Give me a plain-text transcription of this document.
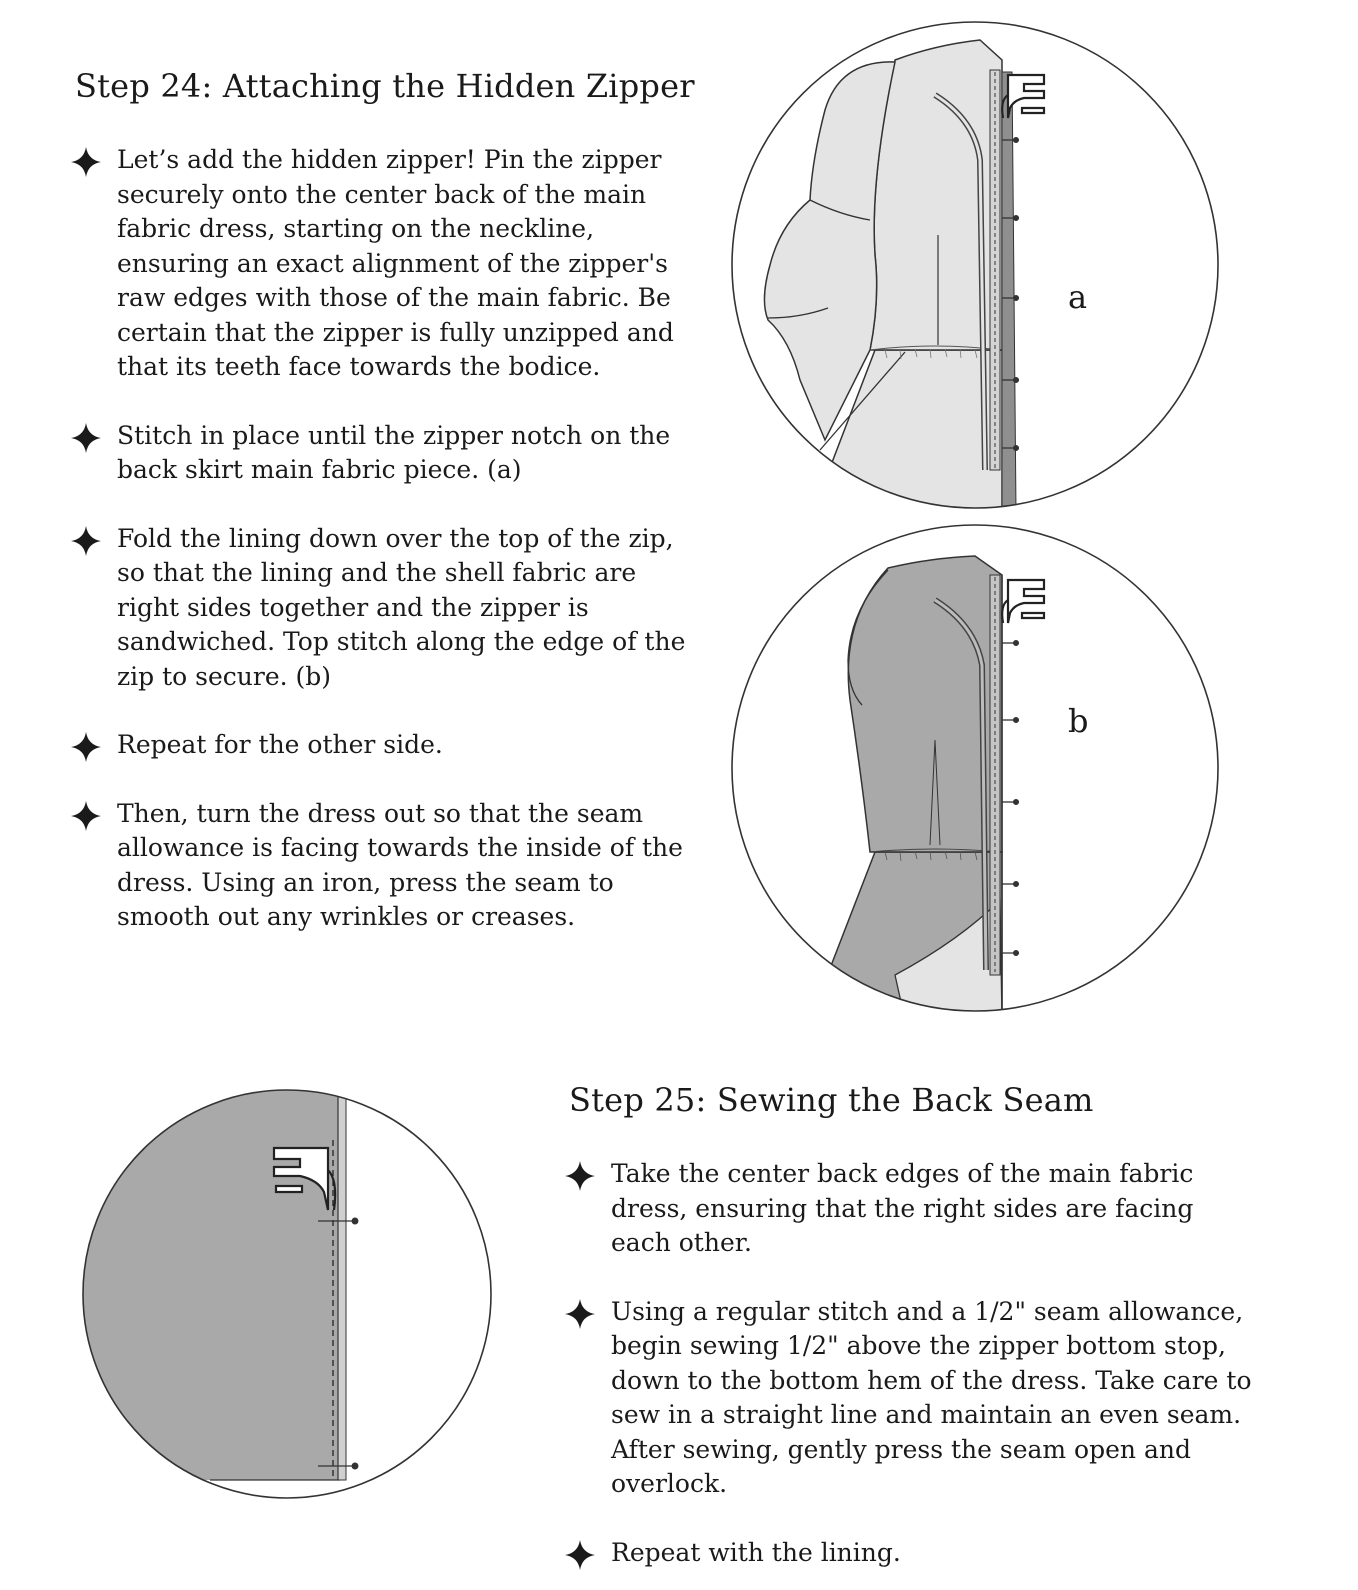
Step 24: Attaching the Hidden Zipper
Let’s add the hidden zipper! Pin the zipper securely onto the center back of the main fabric dress, starting on the neckline, ensuring an exact alignment of the zipper's raw edges with those of the main fabric. Be certain that the zipper is fully unzipped and that its teeth face towards the bodice.
Stitch in place until the zipper notch on the back skirt main fabric piece. (a)
Fold the lining down over the top of the zip, so that the lining and the shell fabric are right sides together and the zipper is sandwiched. Top stitch along the edge of the zip to secure. (b)
Repeat for the other side.
Then, turn the dress out so that the seam allowance is facing towards the inside of the dress. Using an iron, press the seam to smooth out any wrinkles or creases.
a
b
Step 25: Sewing the Back Seam
Take the center back edges of the main fabric dress, ensuring that the right sides are facing each other.
Using a regular stitch and a 1/2" seam allowance, begin sewing 1/2" above the zipper bottom stop, down to the bottom hem of the dress. Take care to sew in a straight line and maintain an even seam. After sewing, gently press the seam open and overlock.
Repeat with the lining.
